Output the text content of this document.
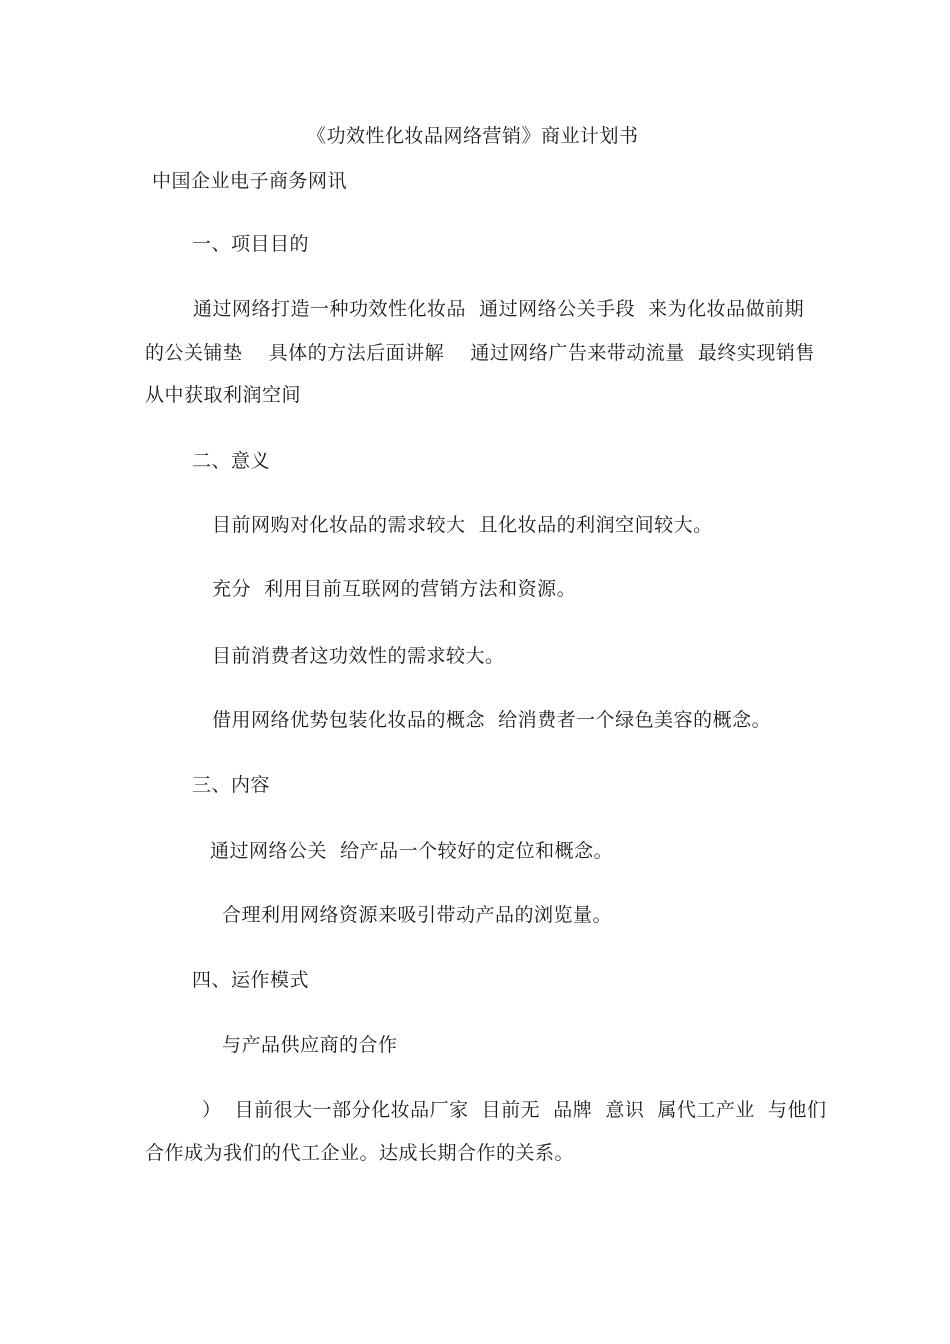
《功效性化妆品网络营销》商业计划书
中国企业电子商务网讯
一、项目目的
通过网络打造一种功效性化妆品  通过网络公关手段  来为化妆品做前期
的公关铺垫    具体的方法后面讲解    通过网络广告来带动流量  最终实现销售
从中获取利润空间
二、意义
目前网购对化妆品的需求较大  且化妆品的利润空间较大。
充分  利用目前互联网的营销方法和资源。
目前消费者这功效性的需求较大。
借用网络优势包装化妆品的概念  给消费者一个绿色美容的概念。
三、内容
通过网络公关  给产品一个较好的定位和概念。
合理利用网络资源来吸引带动产品的浏览量。
四、运作模式
与产品供应商的合作
）  目前很大一部分化妆品厂家  目前无  品牌  意识  属代工产业  与他们
合作成为我们的代工企业。达成长期合作的关系。
